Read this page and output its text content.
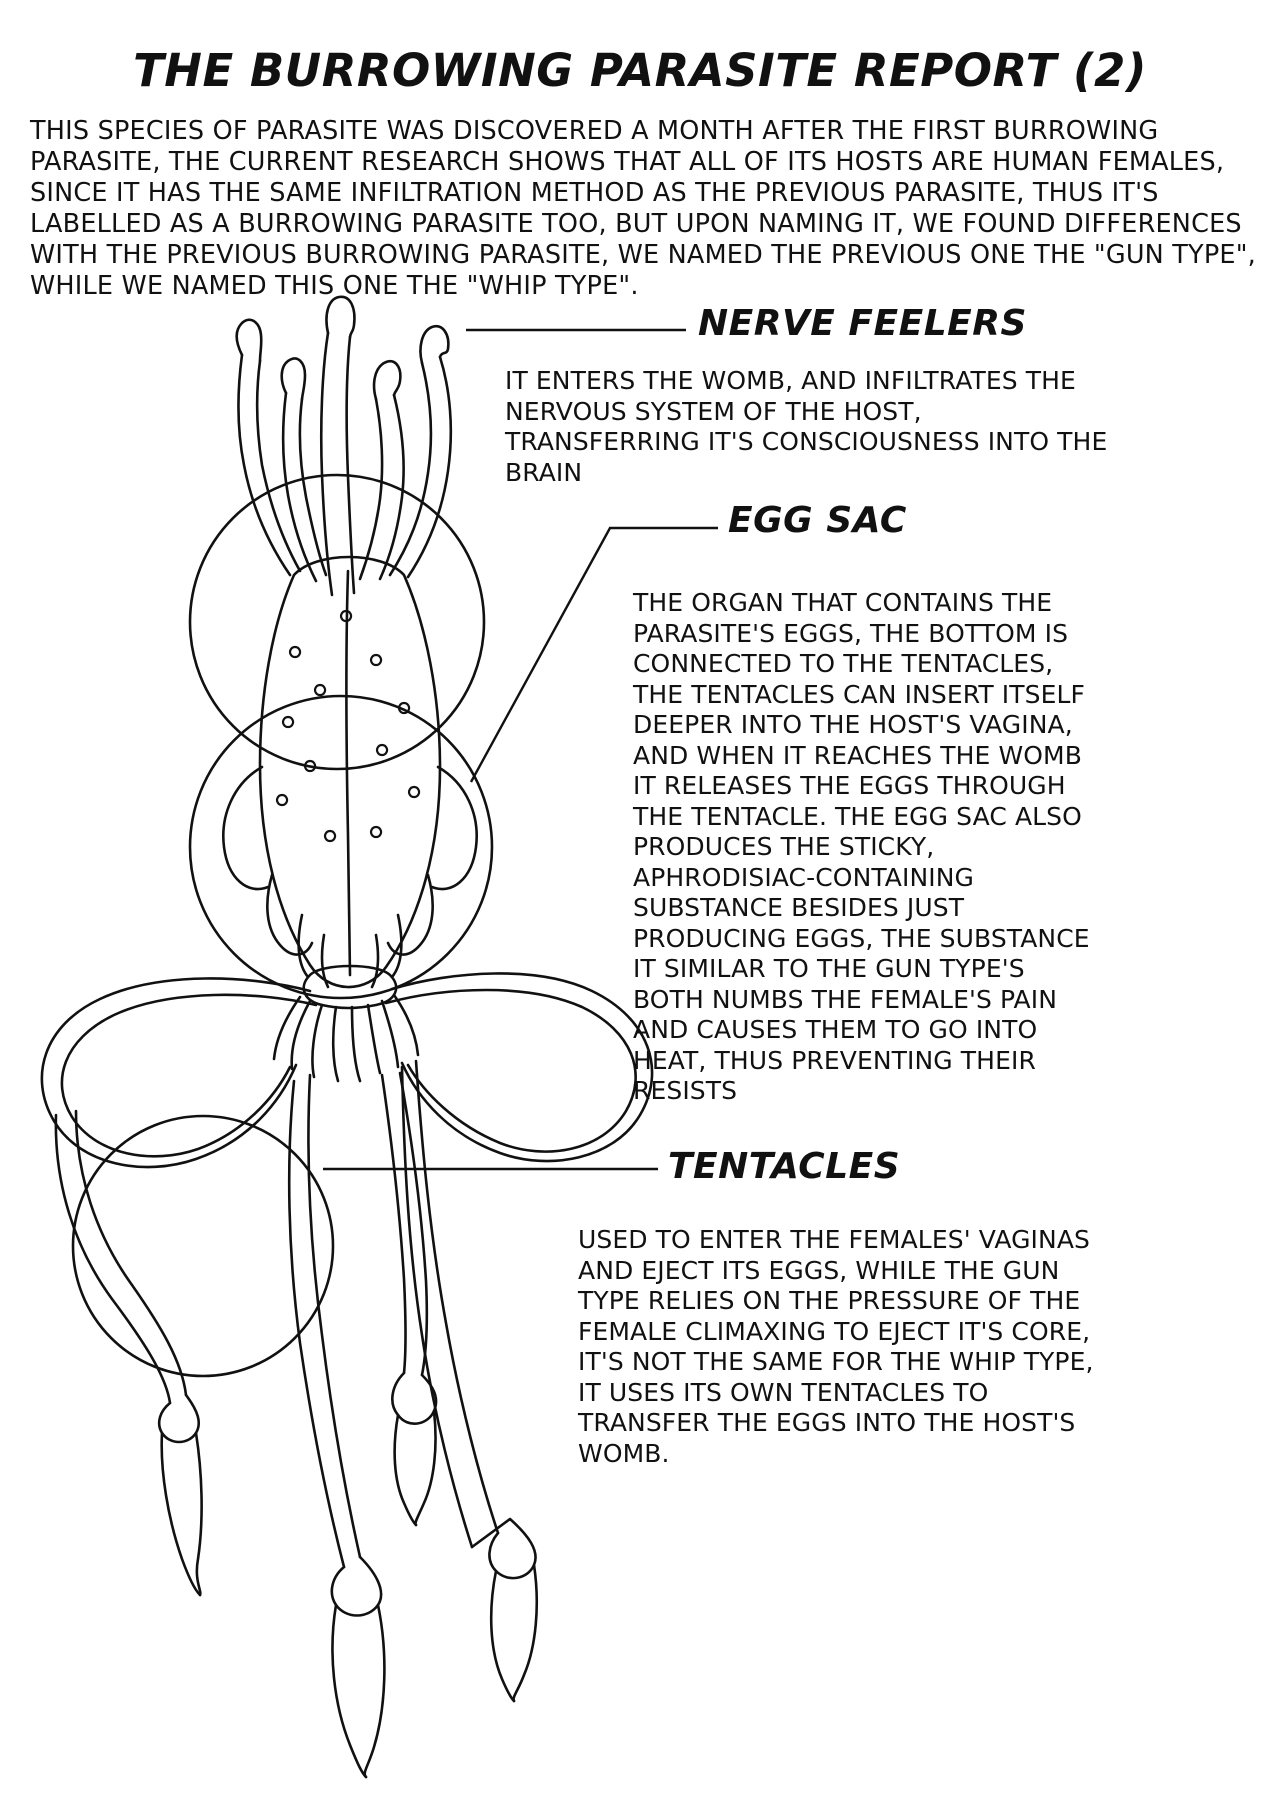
THE BURROWING PARASITE REPORT (2)

THIS SPECIES OF PARASITE WAS DISCOVERED A MONTH AFTER THE FIRST BURROWING PARASITE, THE CURRENT RESEARCH SHOWS THAT ALL OF ITS HOSTS ARE HUMAN FEMALES, SINCE IT HAS THE SAME INFILTRATION METHOD AS THE PREVIOUS PARASITE, THUS IT'S LABELLED AS A BURROWING PARASITE TOO, BUT UPON NAMING IT, WE FOUND DIFFERENCES WITH THE PREVIOUS BURROWING PARASITE, WE NAMED THE PREVIOUS ONE THE "GUN TYPE", WHILE WE NAMED THIS ONE THE "WHIP TYPE".

NERVE FEELERS
IT ENTERS THE WOMB, AND INFILTRATES THE NERVOUS SYSTEM OF THE HOST, TRANSFERRING IT'S CONSCIOUSNESS INTO THE BRAIN
EGG SAC
THE ORGAN THAT CONTAINS THE PARASITE'S EGGS, THE BOTTOM IS CONNECTED TO THE TENTACLES, THE TENTACLES CAN INSERT ITSELF DEEPER INTO THE HOST'S VAGINA, AND WHEN IT REACHES THE WOMB IT RELEASES THE EGGS THROUGH THE TENTACLE. THE EGG SAC ALSO PRODUCES THE STICKY, APHRODISIAC-CONTAINING SUBSTANCE BESIDES JUST PRODUCING EGGS, THE SUBSTANCE IT SIMILAR TO THE GUN TYPE'S BOTH NUMBS THE FEMALE'S PAIN AND CAUSES THEM TO GO INTO HEAT, THUS PREVENTING THEIR RESISTS
TENTACLES
USED TO ENTER THE FEMALES' VAGINAS AND EJECT ITS EGGS, WHILE THE GUN TYPE RELIES ON THE PRESSURE OF THE FEMALE CLIMAXING TO EJECT IT'S CORE, IT'S NOT THE SAME FOR THE WHIP TYPE, IT USES ITS OWN TENTACLES TO TRANSFER THE EGGS INTO THE HOST'S WOMB.
